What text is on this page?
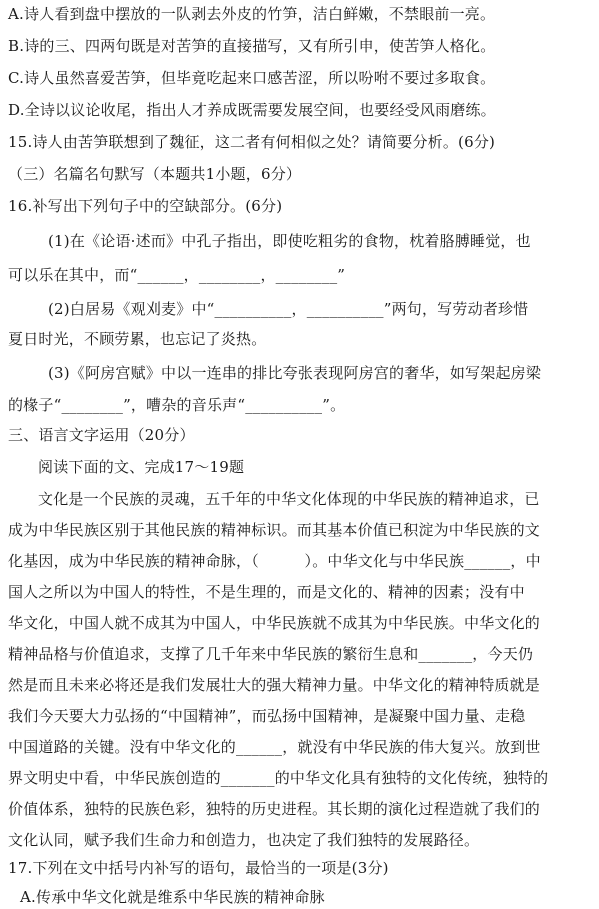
A.诗人看到盘中摆放的一队剥去外皮的竹笋，洁白鲜嫩，不禁眼前一亮。
B.诗的三、四两句既是对苦笋的直接描写，又有所引申，使苦笋人格化。
C.诗人虽然喜爱苦笋，但毕竟吃起来口感苦涩，所以吩咐不要过多取食。
D.全诗以议论收尾，指出人才养成既需要发展空间，也要经受风雨磨练。
15.诗人由苦笋联想到了魏征，这二者有何相似之处？请简要分析。(6分)
（三）名篇名句默写（本题共1小题，6分）
16.补写出下列句子中的空缺部分。(6分)
(1)在《论语·述而》中孔子指出，即使吃粗劣的食物，枕着胳膊睡觉，也
可以乐在其中，而“______，________，________”
(2)白居易《观刈麦》中“__________，__________”两句，写劳动者珍惜
夏日时光，不顾劳累，也忘记了炎热。
(3)《阿房宫赋》中以一连串的排比夸张表现阿房宫的奢华，如写架起房梁
的椽子“________”，嘈杂的音乐声“__________”。
三、语言文字运用（20分）
阅读下面的文、完成17～19题
文化是一个民族的灵魂，五千年的中华文化体现的中华民族的精神追求，已
成为中华民族区别于其他民族的精神标识。而其基本价值已积淀为中华民族的文
化基因，成为中华民族的精神命脉，（　　　）。中华文化与中华民族______，中
国人之所以为中国人的特性，不是生理的，而是文化的、精神的因素；没有中
华文化，中国人就不成其为中国人，中华民族就不成其为中华民族。中华文化的
精神品格与价值追求，支撑了几千年来中华民族的繁衍生息和_______，今天仍
然是而且未来必将还是我们发展壮大的强大精神力量。中华文化的精神特质就是
我们今天要大力弘扬的“中国精神”，而弘扬中国精神，是凝聚中国力量、走稳
中国道路的关键。没有中华文化的______，就没有中华民族的伟大复兴。放到世
界文明史中看，中华民族创造的_______的中华文化具有独特的文化传统，独特的
价值体系，独特的民族色彩，独特的历史进程。其长期的演化过程造就了我们的
文化认同，赋予我们生命力和创造力，也决定了我们独特的发展路径。
17.下列在文中括号内补写的语句，最恰当的一项是(3分)
A.传承中华文化就是维系中华民族的精神命脉
